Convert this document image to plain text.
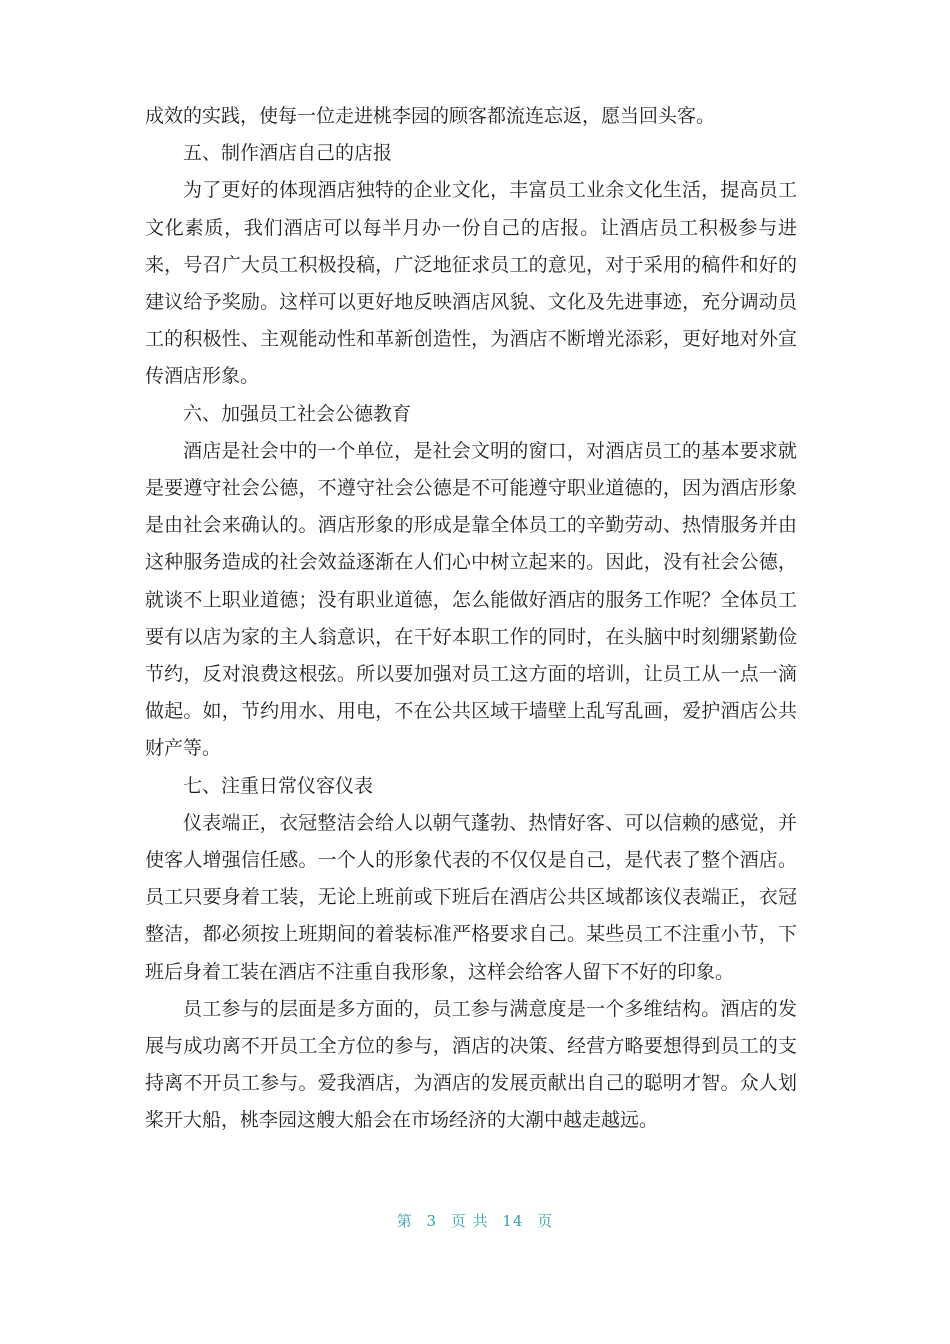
成效的实践，使每一位走进桃李园的顾客都流连忘返，愿当回头客。

五、制作酒店自己的店报

为了更好的体现酒店独特的企业文化，丰富员工业余文化生活，提高员工文化素质，我们酒店可以每半月办一份自己的店报。让酒店员工积极参与进来，号召广大员工积极投稿，广泛地征求员工的意见，对于采用的稿件和好的建议给予奖励。这样可以更好地反映酒店风貌、文化及先进事迹，充分调动员工的积极性、主观能动性和革新创造性，为酒店不断增光添彩，更好地对外宣传酒店形象。

六、加强员工社会公德教育

酒店是社会中的一个单位，是社会文明的窗口，对酒店员工的基本要求就是要遵守社会公德，不遵守社会公德是不可能遵守职业道德的，因为酒店形象是由社会来确认的。酒店形象的形成是靠全体员工的辛勤劳动、热情服务并由这种服务造成的社会效益逐渐在人们心中树立起来的。因此，没有社会公德，就谈不上职业道德；没有职业道德，怎么能做好酒店的服务工作呢？全体员工要有以店为家的主人翁意识，在干好本职工作的同时，在头脑中时刻绷紧勤俭节约，反对浪费这根弦。所以要加强对员工这方面的培训，让员工从一点一滴做起。如，节约用水、用电，不在公共区域干墙壁上乱写乱画，爱护酒店公共财产等。

七、注重日常仪容仪表

仪表端正，衣冠整洁会给人以朝气蓬勃、热情好客、可以信赖的感觉，并使客人增强信任感。一个人的形象代表的不仅仅是自己，是代表了整个酒店。员工只要身着工装，无论上班前或下班后在酒店公共区域都该仪表端正，衣冠整洁，都必须按上班期间的着装标准严格要求自己。某些员工不注重小节，下班后身着工装在酒店不注重自我形象，这样会给客人留下不好的印象。

员工参与的层面是多方面的，员工参与满意度是一个多维结构。酒店的发展与成功离不开员工全方位的参与，酒店的决策、经营方略要想得到员工的支持离不开员工参与。爱我酒店，为酒店的发展贡献出自己的聪明才智。众人划桨开大船，桃李园这艘大船会在市场经济的大潮中越走越远。

第 3 页 共 14 页
